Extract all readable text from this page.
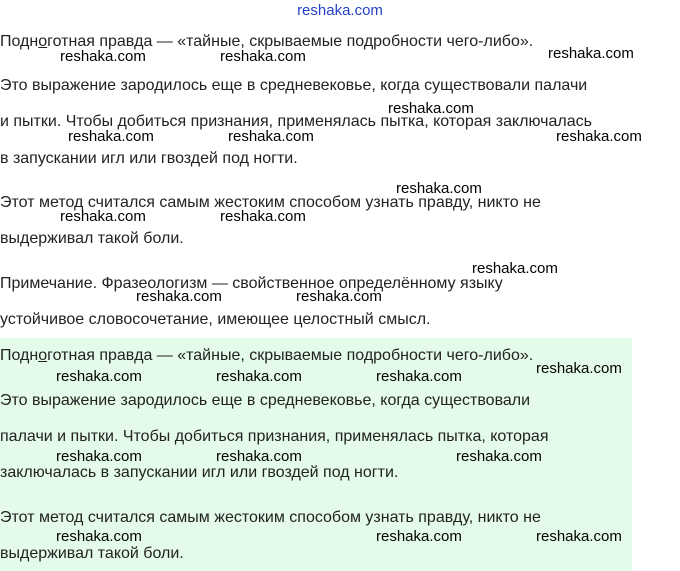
reshaka.com

Подноготная правда — «тайные, скрываемые подробности чего-либо».

Это выражение зародилось еще в средневековье, когда существовали палачи

и пытки. Чтобы добиться признания, применялась пытка, которая заключалась

в запускании игл или гвоздей под ногти.

Этот метод считался самым жестоким способом узнать правду, никто не

выдерживал такой боли.

Примечание. Фразеологизм — свойственное определённому языку

устойчивое словосочетание, имеющее целостный смысл.

Подноготная правда — «тайные, скрываемые подробности чего-либо».

Это выражение зародилось еще в средневековье, когда существовали

палачи и пытки. Чтобы добиться признания, применялась пытка, которая

заключалась в запускании игл или гвоздей под ногти.

Этот метод считался самым жестоким способом узнать правду, никто не

выдерживал такой боли.

reshaka.com
reshaka.com	reshaka.com
reshaka.com
reshaka.com	reshaka.com	reshaka.com
reshaka.com
reshaka.com	reshaka.com
reshaka.com
reshaka.com	reshaka.com
reshaka.com
reshaka.com	reshaka.com	reshaka.com
reshaka.com	reshaka.com	reshaka.com
reshaka.com	reshaka.com	reshaka.com
